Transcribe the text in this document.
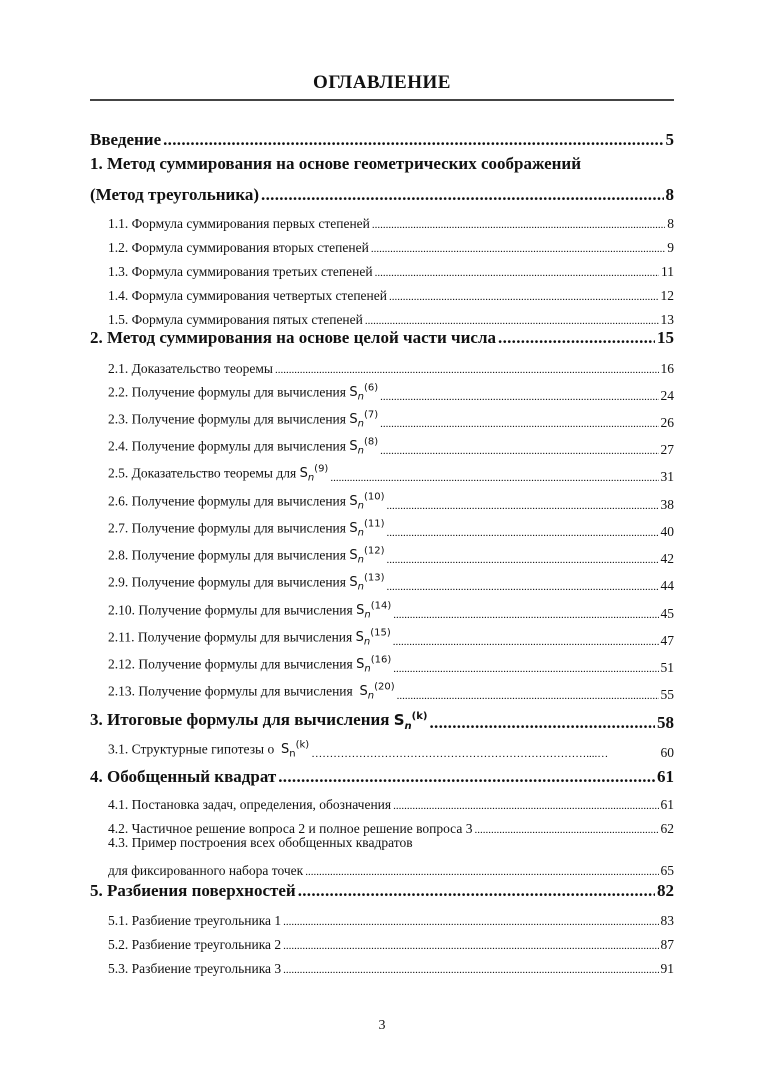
ОГЛАВЛЕНИЕ
Введение .....	5
1. Метод суммирования на основе геометрических соображений
(Метод треугольника) .....	8
1.1. Формула суммирования первых степеней .....	8
1.2. Формула суммирования вторых степеней .....	9
1.3. Формула суммирования третьих степеней .....	11
1.4. Формула суммирования четвертых степеней .....	12
1.5. Формула суммирования пятых степеней .....	13
2. Метод суммирования на основе целой части числа .....	15
2.1. Доказательство теоремы .....	16
2.2. Получение формулы для вычисления $S_n^{(6)}$ .....	24
2.3. Получение формулы для вычисления $S_n^{(7)}$ .....	26
2.4. Получение формулы для вычисления $S_n^{(8)}$ .....	27
2.5. Доказательство теоремы для $S_n^{(9)}$ .....	31
2.6. Получение формулы для вычисления $S_n^{(10)}$ .....	38
2.7. Получение формулы для вычисления $S_n^{(11)}$ .....	40
2.8. Получение формулы для вычисления $S_n^{(12)}$ .....	42
2.9. Получение формулы для вычисления $S_n^{(13)}$ .....	44
2.10. Получение формулы для вычисления $S_n^{(14)}$ .....	45
2.11. Получение формулы для вычисления $S_n^{(15)}$ .....	47
2.12. Получение формулы для вычисления $S_n^{(16)}$ .....	51
2.13. Получение формулы для вычисления $S_n^{(20)}$ .....	55
3. Итоговые формулы для вычисления $S_n^{(k)}$ .....	58
3.1. Структурные гипотезы о $S_n^{(k)}$ …………………………………………………………………....…	60
4. Обобщенный квадрат .....	61
4.1. Постановка задач, определения, обозначения .....	61
4.2. Частичное решение вопроса 2 и полное решение вопроса 3 .....	62
4.3. Пример построения всех обобщенных квадратов
для фиксированного набора точек .....	65
5. Разбиения поверхностей .....	82
5.1. Разбиение треугольника 1 .....	83
5.2. Разбиение треугольника 2 .....	87
5.3. Разбиение треугольника 3 .....	91
3
